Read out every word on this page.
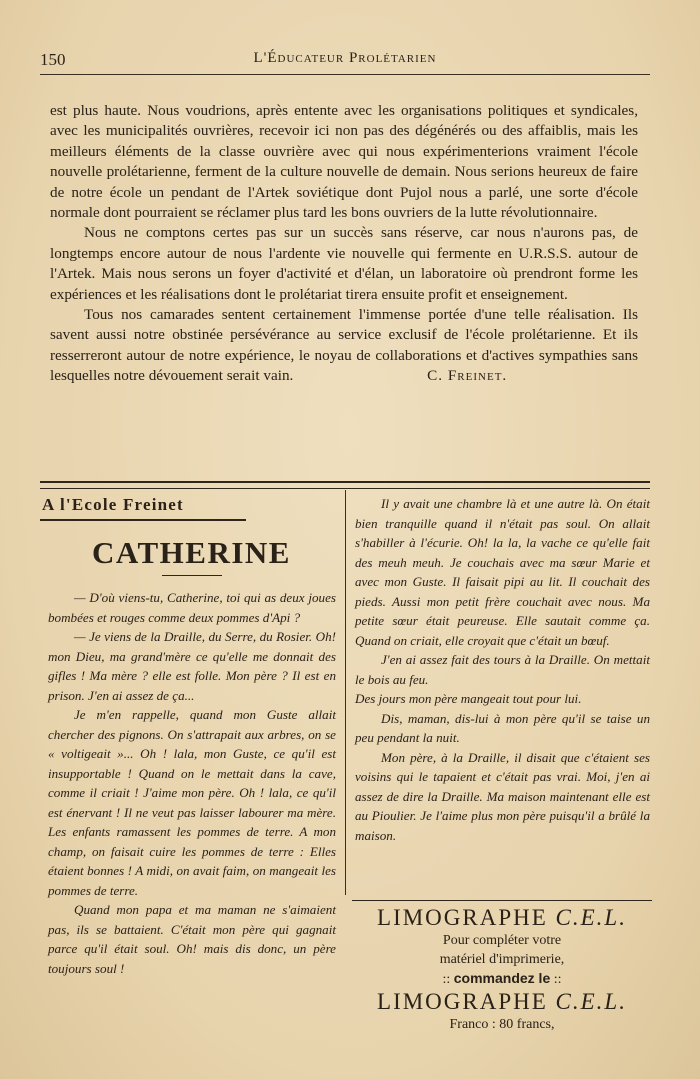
150	L'Éducateur Prolétarien

est plus haute. Nous voudrions, après entente avec les organisations politiques et syndicales, avec les municipalités ouvrières, recevoir ici non pas des dégénérés ou des affaiblis, mais les meilleurs éléments de la classe ouvrière avec qui nous expérimenterions vraiment l'école nouvelle prolétarienne, ferment de la culture nouvelle de demain. Nous serions heureux de faire de notre école un pendant de l'Artek soviétique dont Pujol nous a parlé, une sorte d'école normale dont pourraient se réclamer plus tard les bons ouvriers de la lutte révolutionnaire.

Nous ne comptons certes pas sur un succès sans réserve, car nous n'aurons pas, de longtemps encore autour de nous l'ardente vie nouvelle qui fermente en U.R.S.S. autour de l'Artek. Mais nous serons un foyer d'activité et d'élan, un laboratoire où prendront forme les expériences et les réalisations dont le prolétariat tirera ensuite profit et enseignement.

Tous nos camarades sentent certainement l'immense portée d'une telle réalisation. Ils savent aussi notre obstinée persévérance au service exclusif de l'école prolétarienne. Et ils resserreront autour de notre expérience, le noyau de collaborations et d'actives sympathies sans lesquelles notre dévouement serait vain.	C. Freinet.

A l'Ecole Freinet
CATHERINE

— D'où viens-tu, Catherine, toi qui as deux joues bombées et rouges comme deux pommes d'Api ?

— Je viens de la Draille, du Serre, du Rosier. Oh! mon Dieu, ma grand'mère ce qu'elle me donnait des gifles ! Ma mère ? elle est folle. Mon père ? Il est en prison. J'en ai assez de ça...

Je m'en rappelle, quand mon Guste allait chercher des pignons. On s'attrapait aux arbres, on se « voltigeait »... Oh ! lala, mon Guste, ce qu'il est insupportable ! Quand on le mettait dans la cave, comme il criait ! J'aime mon père. Oh ! lala, ce qu'il est énervant ! Il ne veut pas laisser labourer ma mère. Les enfants ramassent les pommes de terre. A mon champ, on faisait cuire les pommes de terre : Elles étaient bonnes ! A midi, on avait faim, on mangeait les pommes de terre.

Quand mon papa et ma maman ne s'aimaient pas, ils se battaient. C'était mon père qui gagnait parce qu'il était soul. Oh! mais dis donc, un père toujours soul !

Il y avait une chambre là et une autre là. On était bien tranquille quand il n'était pas soul. On allait s'habiller à l'écurie. Oh! la la, la vache ce qu'elle fait des meuh meuh. Je couchais avec ma sœur Marie et avec mon Guste. Il faisait pipi au lit. Il couchait des pieds. Aussi mon petit frère couchait avec nous. Ma petite sœur était peureuse. Elle sautait comme ça. Quand on criait, elle croyait que c'était un bœuf.

J'en ai assez fait des tours à la Draille. On mettait le bois au feu.

Des jours mon père mangeait tout pour lui.

Dis, maman, dis-lui à mon père qu'il se taise un peu pendant la nuit.

Mon père, à la Draille, il disait que c'étaient ses voisins qui le tapaient et c'était pas vrai. Moi, j'en ai assez de dire la Draille. Ma maison maintenant elle est au Pioulier. Je l'aime plus mon père puisqu'il a brûlé la maison.

LIMOGRAPHE C.E.L.
Pour compléter votre
matériel d'imprimerie,
:: commandez le ::
LIMOGRAPHE C.E.L.
Franco : 80 francs,
